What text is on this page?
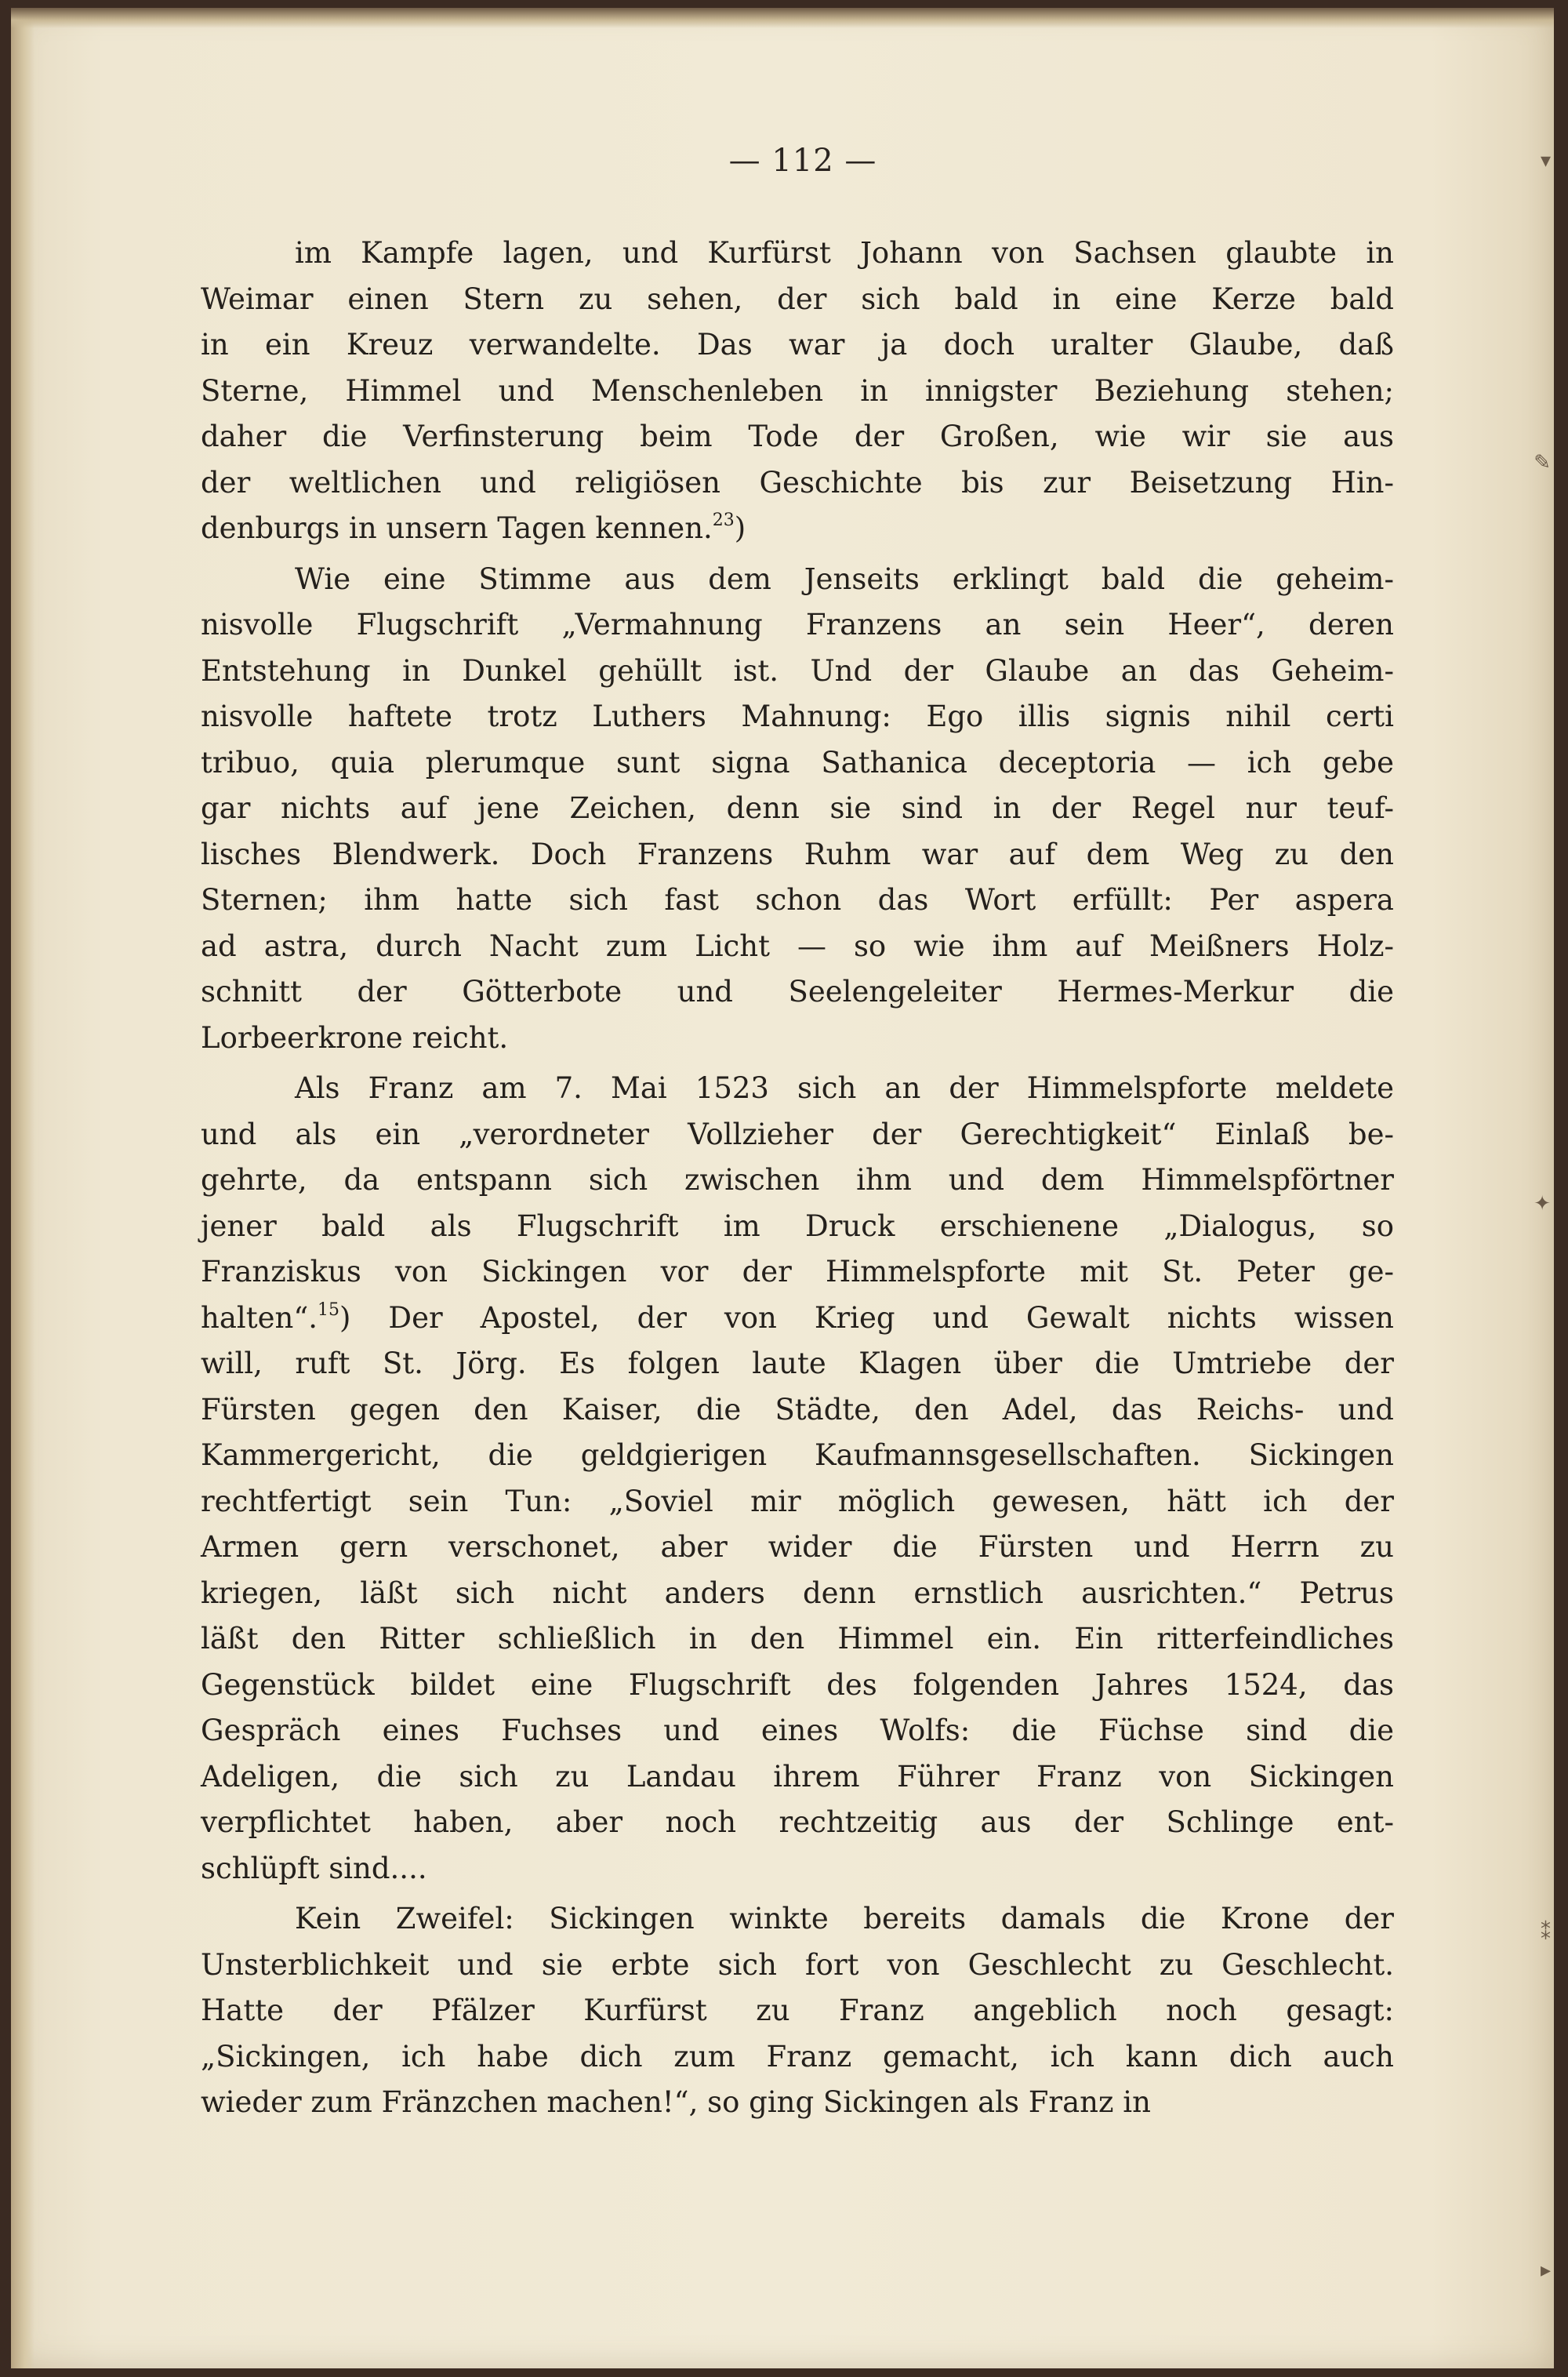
— 112 —
im Kampfe lagen, und Kurfürst Johann von Sachsen glaubte in
Weimar einen Stern zu sehen, der sich bald in eine Kerze bald
in ein Kreuz verwandelte. Das war ja doch uralter Glaube, daß
Sterne, Himmel und Menschenleben in innigster Beziehung stehen;
daher die Verfinsterung beim Tode der Großen, wie wir sie aus
der weltlichen und religiösen Geschichte bis zur Beisetzung Hin-
denburgs in unsern Tagen kennen.$^{23}$)
Wie eine Stimme aus dem Jenseits erklingt bald die geheim-
nisvolle Flugschrift „Vermahnung Franzens an sein Heer“, deren
Entstehung in Dunkel gehüllt ist. Und der Glaube an das Geheim-
nisvolle haftete trotz Luthers Mahnung: Ego illis signis nihil certi
tribuo, quia plerumque sunt signa Sathanica deceptoria — ich gebe
gar nichts auf jene Zeichen, denn sie sind in der Regel nur teuf-
lisches Blendwerk. Doch Franzens Ruhm war auf dem Weg zu den
Sternen; ihm hatte sich fast schon das Wort erfüllt: Per aspera
ad astra, durch Nacht zum Licht — so wie ihm auf Meißners Holz-
schnitt der Götterbote und Seelengeleiter Hermes-Merkur die
Lorbeerkrone reicht.
Als Franz am 7. Mai 1523 sich an der Himmelspforte meldete
und als ein „verordneter Vollzieher der Gerechtigkeit“ Einlaß be-
gehrte, da entspann sich zwischen ihm und dem Himmelspförtner
jener bald als Flugschrift im Druck erschienene „Dialogus, so
Franziskus von Sickingen vor der Himmelspforte mit St. Peter ge-
halten“.$^{15}$) Der Apostel, der von Krieg und Gewalt nichts wissen
will, ruft St. Jörg. Es folgen laute Klagen über die Umtriebe der
Fürsten gegen den Kaiser, die Städte, den Adel, das Reichs- und
Kammergericht, die geldgierigen Kaufmannsgesellschaften. Sickingen
rechtfertigt sein Tun: „Soviel mir möglich gewesen, hätt ich der
Armen gern verschonet, aber wider die Fürsten und Herrn zu
kriegen, läßt sich nicht anders denn ernstlich ausrichten.“ Petrus
läßt den Ritter schließlich in den Himmel ein. Ein ritterfeindliches
Gegenstück bildet eine Flugschrift des folgenden Jahres 1524, das
Gespräch eines Fuchses und eines Wolfs: die Füchse sind die
Adeligen, die sich zu Landau ihrem Führer Franz von Sickingen
verpflichtet haben, aber noch rechtzeitig aus der Schlinge ent-
schlüpft sind....
Kein Zweifel: Sickingen winkte bereits damals die Krone der
Unsterblichkeit und sie erbte sich fort von Geschlecht zu Geschlecht.
Hatte der Pfälzer Kurfürst zu Franz angeblich noch gesagt:
„Sickingen, ich habe dich zum Franz gemacht, ich kann dich auch
wieder zum Fränzchen machen!“, so ging Sickingen als Franz in
▾
✎
✦
⁑
▸
